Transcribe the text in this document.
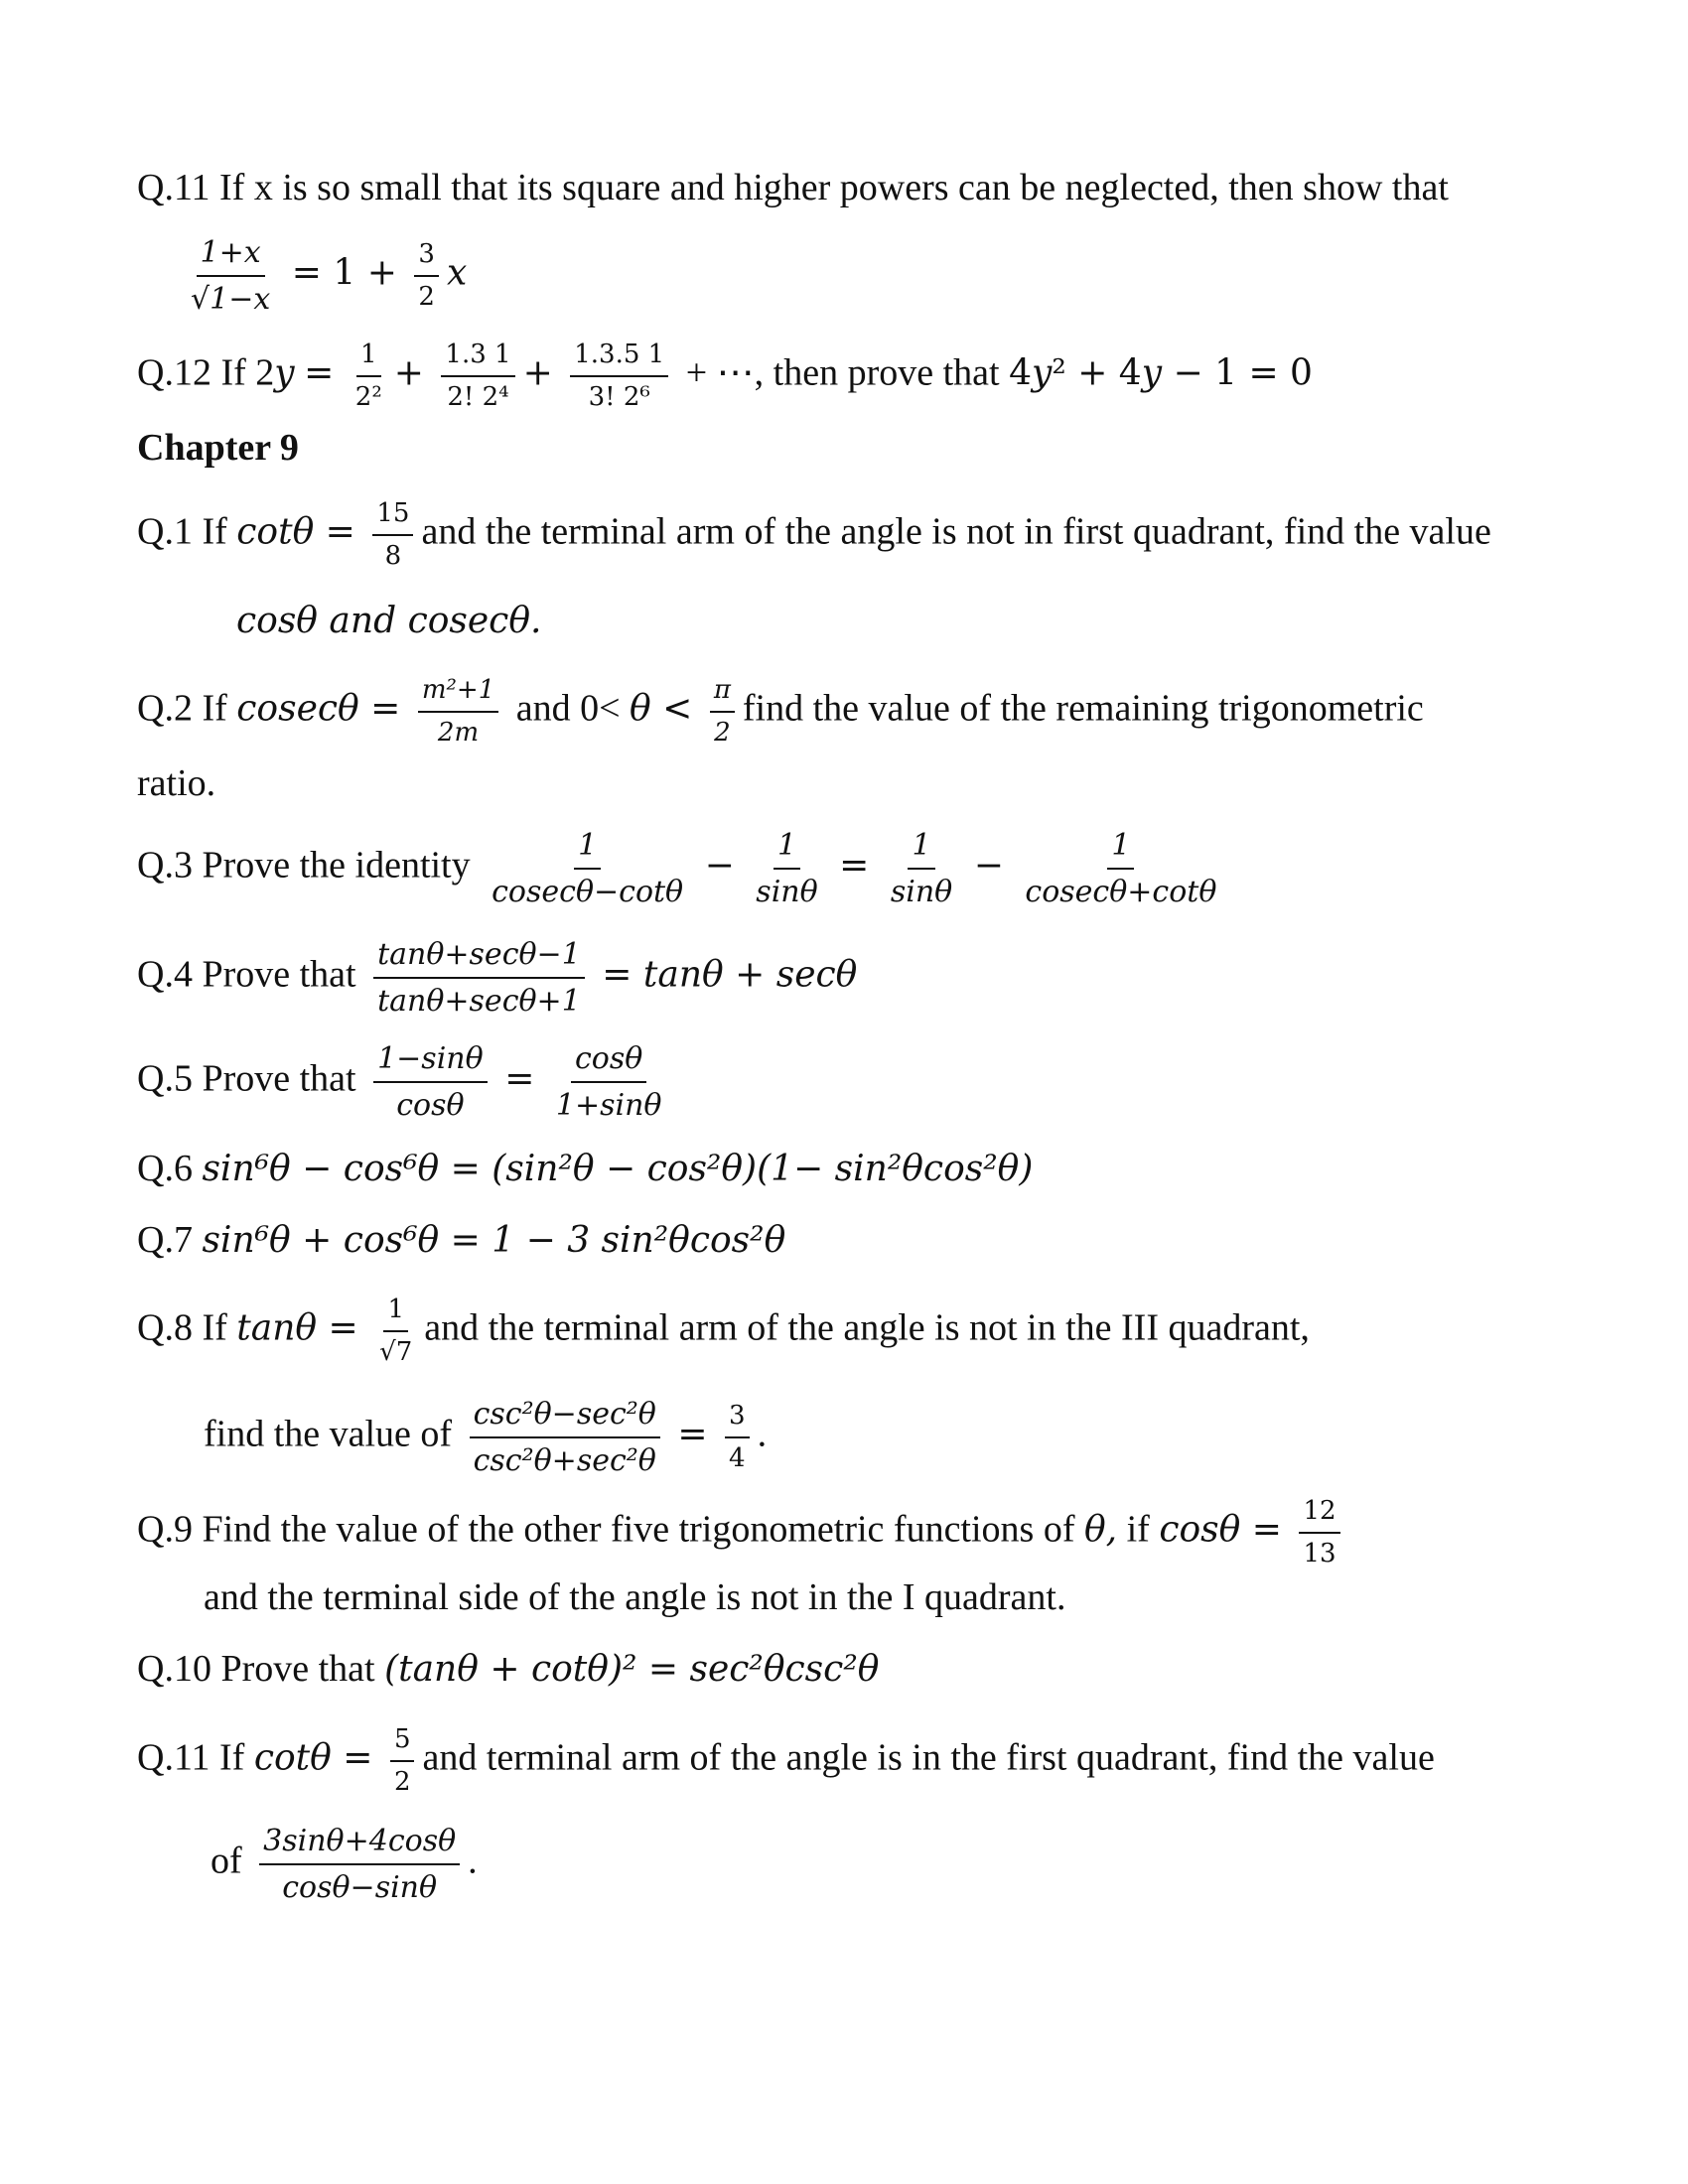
Q.11 If x is so small that its square and higher powers can be neglected, then show that
$\frac{\text{1+𝑥}}{\text{√1−𝑥}} = 1 + \frac{3}{2}$ 𝑥
Q.12 If 2𝑦 = $\frac{1}{\text{2²}} + \frac{1.3 1}{\text{2! 2⁴}} + \frac{1.3.5 1}{\text{3! 2⁶}}$ + ⋯, then prove that 4𝑦² + 4𝑦 − 1 = 0
Chapter 9
Q.1 If 𝑐𝑜𝑡𝜃 = $\frac{15}{8}$ and the terminal arm of the angle is not in first quadrant, find the value
𝑐𝑜𝑠𝜃 𝑎𝑛𝑑 𝑐𝑜𝑠𝑒𝑐𝜃.
Q.2 If 𝑐𝑜𝑠𝑒𝑐𝜃 = $\frac{\text{𝑚²+1}}{\text{2𝑚}}$ and 0< 𝜃 < $\frac{\text{𝜋}}{2}$ find the value of the remaining trigonometric
ratio.
Q.3 Prove the identity $\frac{1}{\text{𝑐𝑜𝑠𝑒𝑐𝜃−𝑐𝑜𝑡𝜃}} - \frac{1}{\text{𝑠𝑖𝑛𝜃}} = \frac{1}{\text{sin𝜃}} - \frac{1}{\text{𝑐𝑜𝑠𝑒𝑐𝜃+𝑐𝑜𝑡𝜃}}$
Q.4 Prove that $\frac{\text{𝑡𝑎𝑛𝜃+𝑠𝑒𝑐𝜃−1}}{\text{𝑡𝑎𝑛𝜃+𝑠𝑒𝑐𝜃+1}}$ = 𝑡𝑎𝑛𝜃 + 𝑠𝑒𝑐𝜃
Q.5 Prove that $\frac{\text{1−𝑠𝑖𝑛𝜃}}{\text{𝑐𝑜𝑠𝜃}} = \frac{\text{𝑐𝑜𝑠𝜃}}{\text{1+𝑠𝑖𝑛𝜃}}$
Q.6 𝑠𝑖𝑛⁶𝜃 − 𝑐𝑜𝑠⁶𝜃 = (𝑠𝑖𝑛²𝜃 − 𝑐𝑜𝑠²𝜃)(1− 𝑠𝑖𝑛²𝜃𝑐𝑜𝑠²𝜃)
Q.7 𝑠𝑖𝑛⁶𝜃 + 𝑐𝑜𝑠⁶𝜃 = 1 − 3 𝑠𝑖𝑛²𝜃𝑐𝑜𝑠²𝜃
Q.8 If 𝑡𝑎𝑛𝜃 = $\frac{1}{√7}$ and the terminal arm of the angle is not in the III quadrant,
find the value of $\frac{\text{𝑐𝑠𝑐²𝜃−𝑠𝑒𝑐²𝜃}}{\text{𝑐𝑠𝑐²𝜃+𝑠𝑒𝑐²𝜃}} = \frac{3}{4}$ .
Q.9 Find the value of the other five trigonometric functions of 𝜃, if 𝑐𝑜𝑠𝜃 = $\frac{12}{13}$
and the terminal side of the angle is not in the I quadrant.
Q.10 Prove that (𝑡𝑎𝑛𝜃 + 𝑐𝑜𝑡𝜃)² = 𝑠𝑒𝑐²𝜃𝑐𝑠𝑐²𝜃
Q.11 If 𝑐𝑜𝑡𝜃 = $\frac{5}{2}$ and terminal arm of the angle is in the first quadrant, find the value
of $\frac{\text{3𝑠𝑖𝑛𝜃+4𝑐𝑜𝑠𝜃}}{\text{𝑐𝑜𝑠𝜃−𝑠𝑖𝑛𝜃}}$ .
